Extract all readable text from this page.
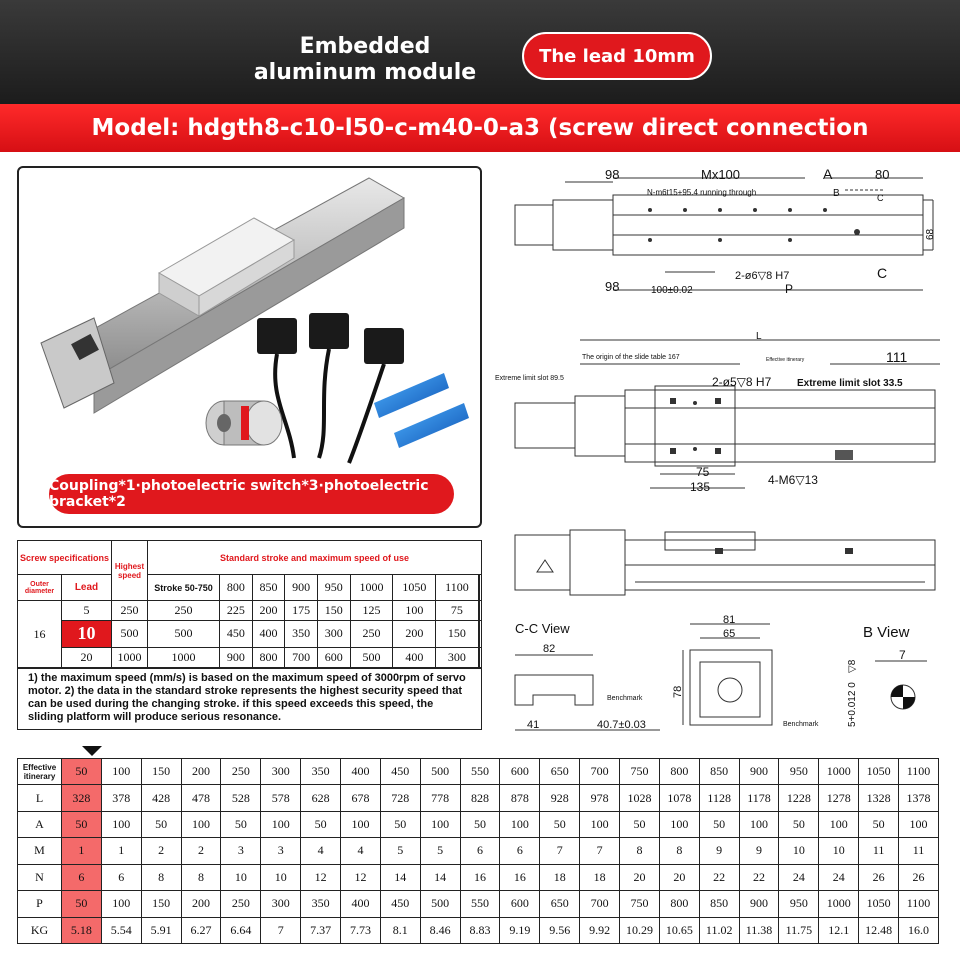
Embedded
aluminum module
The lead 10mm
Model: hdgth8-c10-l50-c-m40-0-a3 (screw direct connection
Coupling*1·photoelectric switch*3·photoelectric bracket*2
Screw specifications		Highest speed	Standard stroke and maximum speed of use								
Outer diameter	Lead		Stroke 50-750	800	850	900	950	1000	1050	1100		
16	5	250	250	225	200	175	150	125	100	75		
	10	500	500	450	400	350	300	250	200	150		
	20	1000	1000	900	800	700	600	500	400	300		
1) the maximum speed (mm/s) is based on the maximum speed of 3000rpm of servo motor. 2) the data in the standard stroke represents the highest security speed that can be used during the changing stroke. if this speed exceeds this speed, the sliding platform will produce serious resonance.
98	Mx100	A	80
N-m6t15+95.4 running through	B	C
2-ø6▽8 H7
98	100±0.02	P
C
68
L
The origin of the slide table 167	Effective itinerary	111
Extreme limit slot 89.5	2-ø5▽8 H7	Extreme limit slot 33.5
75
135	4-M6▽13
C-C View
82
Benchmark
41	40.7±0.03
81
65
78
Benchmark
B View
7
5+0.012 0
▽8
Effective itinerary	50	100	150	200	250	300	350	400	450	500	550	600	650	700	750	800	850	900	950	1000	1050	1100
L	328	378	428	478	528	578	628	678	728	778	828	878	928	978	1028	1078	1128	1178	1228	1278	1328	1378
A	50	100	50	100	50	100	50	100	50	100	50	100	50	100	50	100	50	100	50	100	50	100
M	1	1	2	2	3	3	4	4	5	5	6	6	7	7	8	8	9	9	10	10	11	11
N	6	6	8	8	10	10	12	12	14	14	16	16	18	18	20	20	22	22	24	24	26	26
P	50	100	150	200	250	300	350	400	450	500	550	600	650	700	750	800	850	900	950	1000	1050	1100
KG	5.18	5.54	5.91	6.27	6.64	7	7.37	7.73	8.1	8.46	8.83	9.19	9.56	9.92	10.29	10.65	11.02	11.38	11.75	12.1	12.48	16.0
